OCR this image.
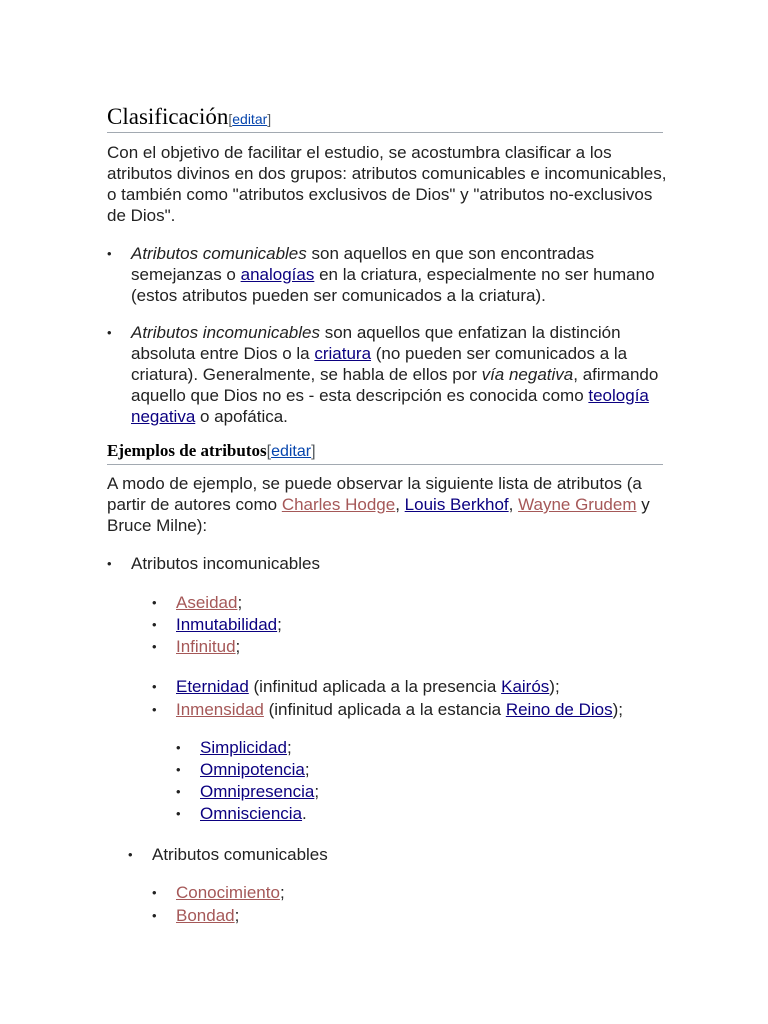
Clasificación[editar]

Con el objetivo de facilitar el estudio, se acostumbra clasificar a los atributos divinos en dos grupos: atributos comunicables e incomunicables, o también como "atributos exclusivos de Dios" y "atributos no-exclusivos de Dios".

• Atributos comunicables son aquellos en que son encontradas semejanzas o analogías en la criatura, especialmente no ser humano (estos atributos pueden ser comunicados a la criatura).
• Atributos incomunicables son aquellos que enfatizan la distinción absoluta entre Dios o la criatura (no pueden ser comunicados a la criatura). Generalmente, se habla de ellos por vía negativa, afirmando aquello que Dios no es - esta descripción es conocida como teología negativa o apofática.
Ejemplos de atributos[editar]

A modo de ejemplo, se puede observar la siguiente lista de atributos (a partir de autores como Charles Hodge, Louis Berkhof, Wayne Grudem y Bruce Milne):

• Atributos incomunicables
• Aseidad;
• Inmutabilidad;
• Infinitud;
• Eternidad (infinitud aplicada a la presencia Kairós);
• Inmensidad (infinitud aplicada a la estancia Reino de Dios);
• Simplicidad;
• Omnipotencia;
• Omnipresencia;
• Omnisciencia.
• Atributos comunicables
• Conocimiento;
• Bondad;
